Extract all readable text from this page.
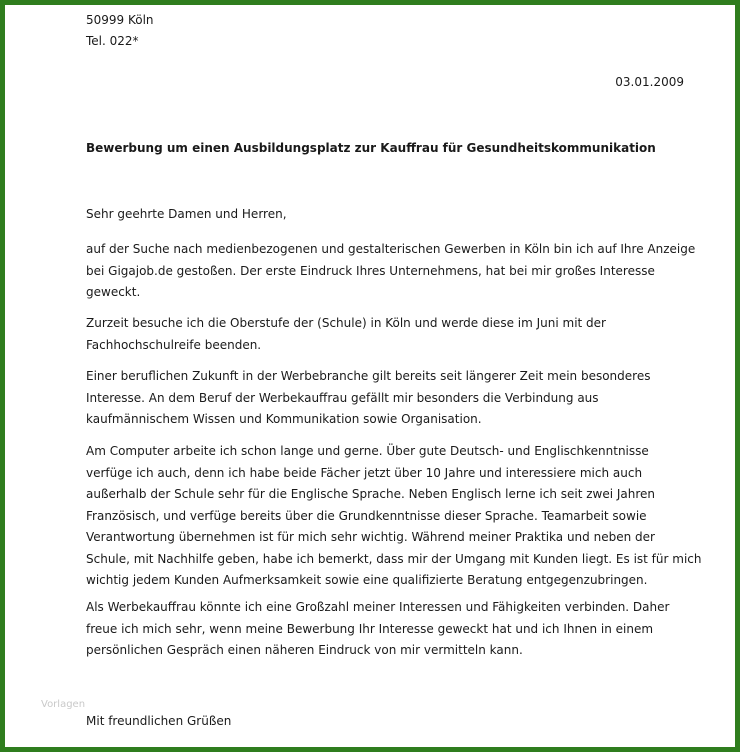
50999 Köln
Tel. 022*
03.01.2009
Bewerbung um einen Ausbildungsplatz zur Kauffrau für Gesundheitskommunikation
Sehr geehrte Damen und Herren,
auf der Suche nach medienbezogenen und gestalterischen Gewerben in Köln bin ich auf Ihre Anzeige
bei Gigajob.de gestoßen. Der erste Eindruck Ihres Unternehmens, hat bei mir großes Interesse
geweckt.
Zurzeit besuche ich die Oberstufe der (Schule) in Köln und werde diese im Juni mit der
Fachhochschulreife beenden.
Einer beruflichen Zukunft in der Werbebranche gilt bereits seit längerer Zeit mein besonderes
Interesse. An dem Beruf der Werbekauffrau gefällt mir besonders die Verbindung aus
kaufmännischem Wissen und Kommunikation sowie Organisation.
Am Computer arbeite ich schon lange und gerne. Über gute Deutsch- und Englischkenntnisse
verfüge ich auch, denn ich habe beide Fächer jetzt über 10 Jahre und interessiere mich auch
außerhalb der Schule sehr für die Englische Sprache. Neben Englisch lerne ich seit zwei Jahren
Französisch, und verfüge bereits über die Grundkenntnisse dieser Sprache. Teamarbeit sowie
Verantwortung übernehmen ist für mich sehr wichtig. Während meiner Praktika und neben der
Schule, mit Nachhilfe geben, habe ich bemerkt, dass mir der Umgang mit Kunden liegt. Es ist für mich
wichtig jedem Kunden Aufmerksamkeit sowie eine qualifizierte Beratung entgegenzubringen.
Als Werbekauffrau könnte ich eine Großzahl meiner Interessen und Fähigkeiten verbinden. Daher
freue ich mich sehr, wenn meine Bewerbung Ihr Interesse geweckt hat und ich Ihnen in einem
persönlichen Gespräch einen näheren Eindruck von mir vermitteln kann.
Vorlagen
Mit freundlichen Grüßen
